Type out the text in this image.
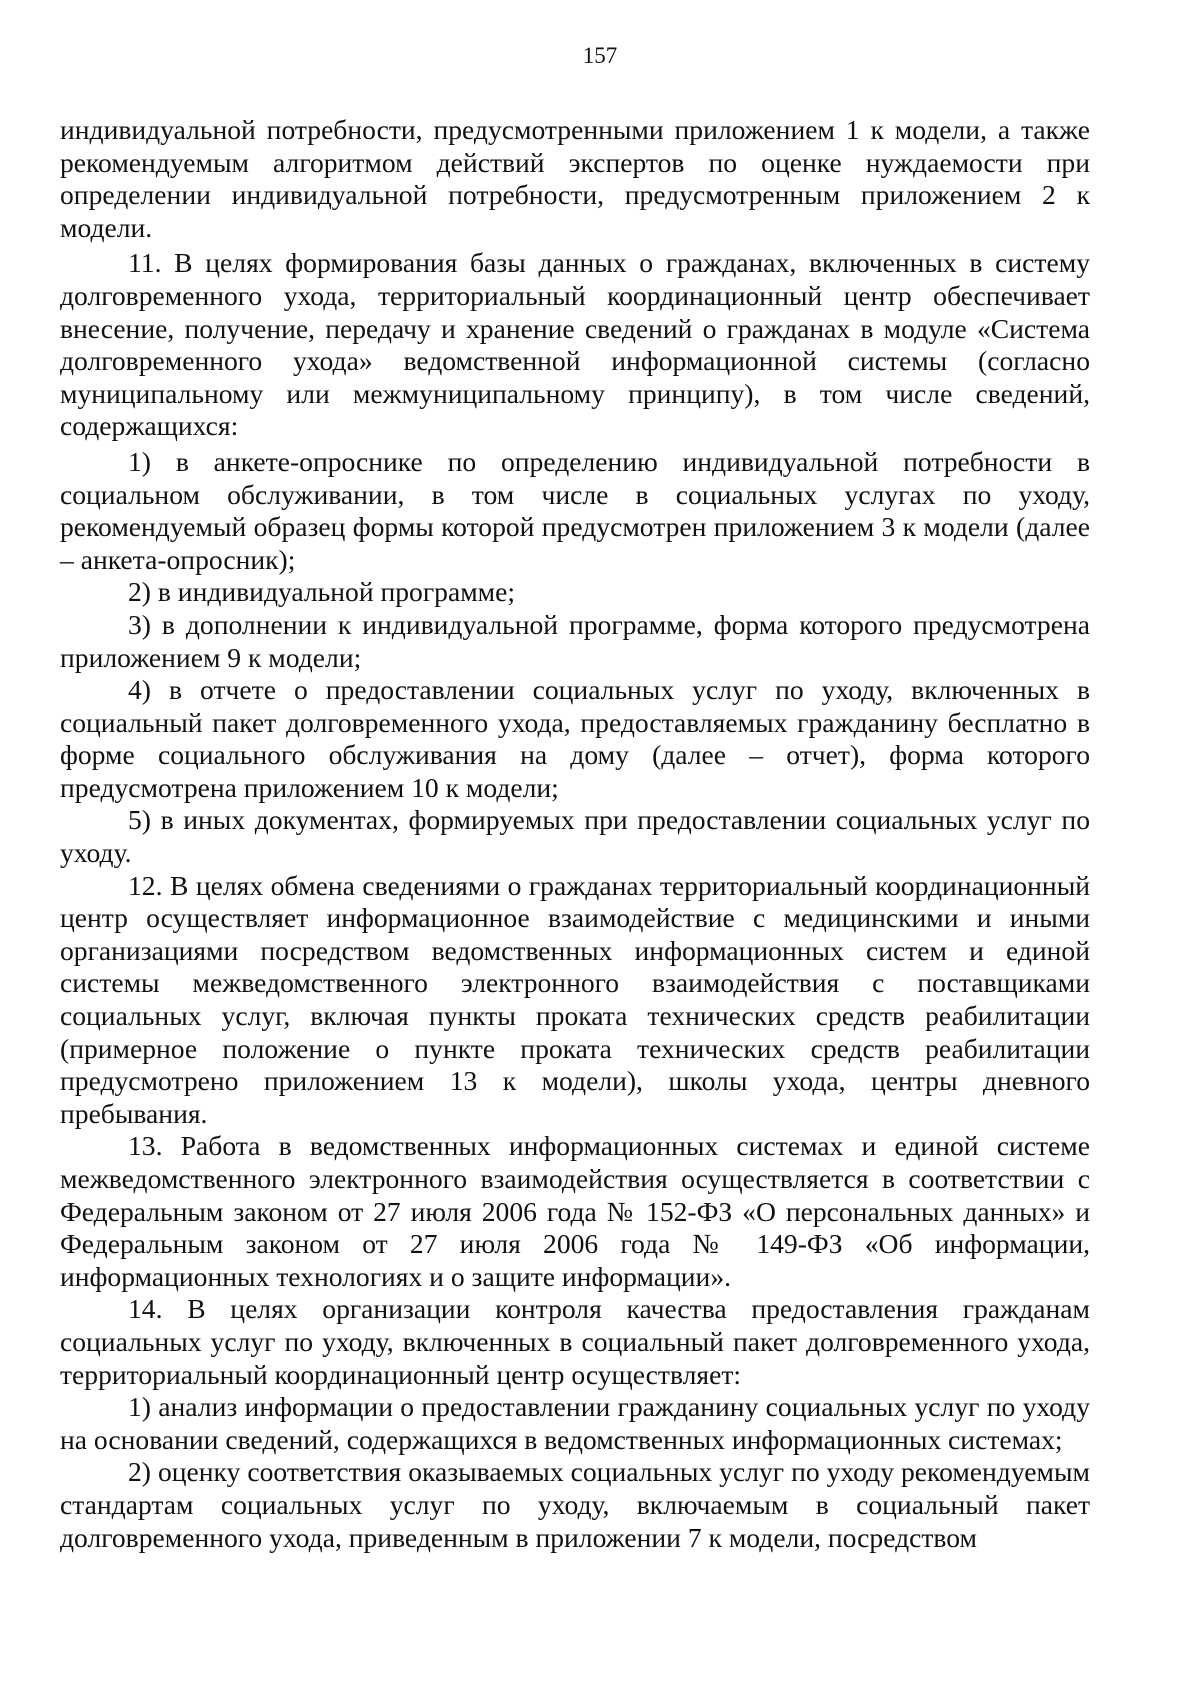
157

индивидуальной потребности, предусмотренными приложением 1 к модели, а также рекомендуемым алгоритмом действий экспертов по оценке нуждаемости при определении индивидуальной потребности, предусмотренным приложением 2 к модели.

11. В целях формирования базы данных о гражданах, включенных в систему долговременного ухода, территориальный координационный центр обеспечивает внесение, получение, передачу и хранение сведений о гражданах в модуле «Система долговременного ухода» ведомственной информационной системы (согласно муниципальному или межмуниципальному принципу), в том числе сведений, содержащихся:

1) в анкете-опроснике по определению индивидуальной потребности в социальном обслуживании, в том числе в социальных услугах по уходу, рекомендуемый образец формы которой предусмотрен приложением 3 к модели (далее – анкета-опросник);

2) в индивидуальной программе;

3) в дополнении к индивидуальной программе, форма которого предусмотрена приложением 9 к модели;

4) в отчете о предоставлении социальных услуг по уходу, включенных в социальный пакет долговременного ухода, предоставляемых гражданину бесплатно в форме социального обслуживания на дому (далее – отчет), форма которого предусмотрена приложением 10 к модели;

5) в иных документах, формируемых при предоставлении социальных услуг по уходу.

12. В целях обмена сведениями о гражданах территориальный координационный центр осуществляет информационное взаимодействие с медицинскими и иными организациями посредством ведомственных информационных систем и единой системы межведомственного электронного взаимодействия с поставщиками социальных услуг, включая пункты проката технических средств реабилитации (примерное положение о пункте проката технических средств реабилитации предусмотрено приложением 13 к модели), школы ухода, центры дневного пребывания.

13. Работа в ведомственных информационных системах и единой системе межведомственного электронного взаимодействия осуществляется в соответствии с Федеральным законом от 27 июля 2006 года № 152-ФЗ «О персональных данных» и Федеральным законом от 27 июля 2006 года № 149-ФЗ «Об информации, информационных технологиях и о защите информации».

14. В целях организации контроля качества предоставления гражданам социальных услуг по уходу, включенных в социальный пакет долговременного ухода, территориальный координационный центр осуществляет:

1) анализ информации о предоставлении гражданину социальных услуг по уходу на основании сведений, содержащихся в ведомственных информационных системах;

2) оценку соответствия оказываемых социальных услуг по уходу рекомендуемым стандартам социальных услуг по уходу, включаемым в социальный пакет долговременного ухода, приведенным в приложении 7 к модели, посредством
